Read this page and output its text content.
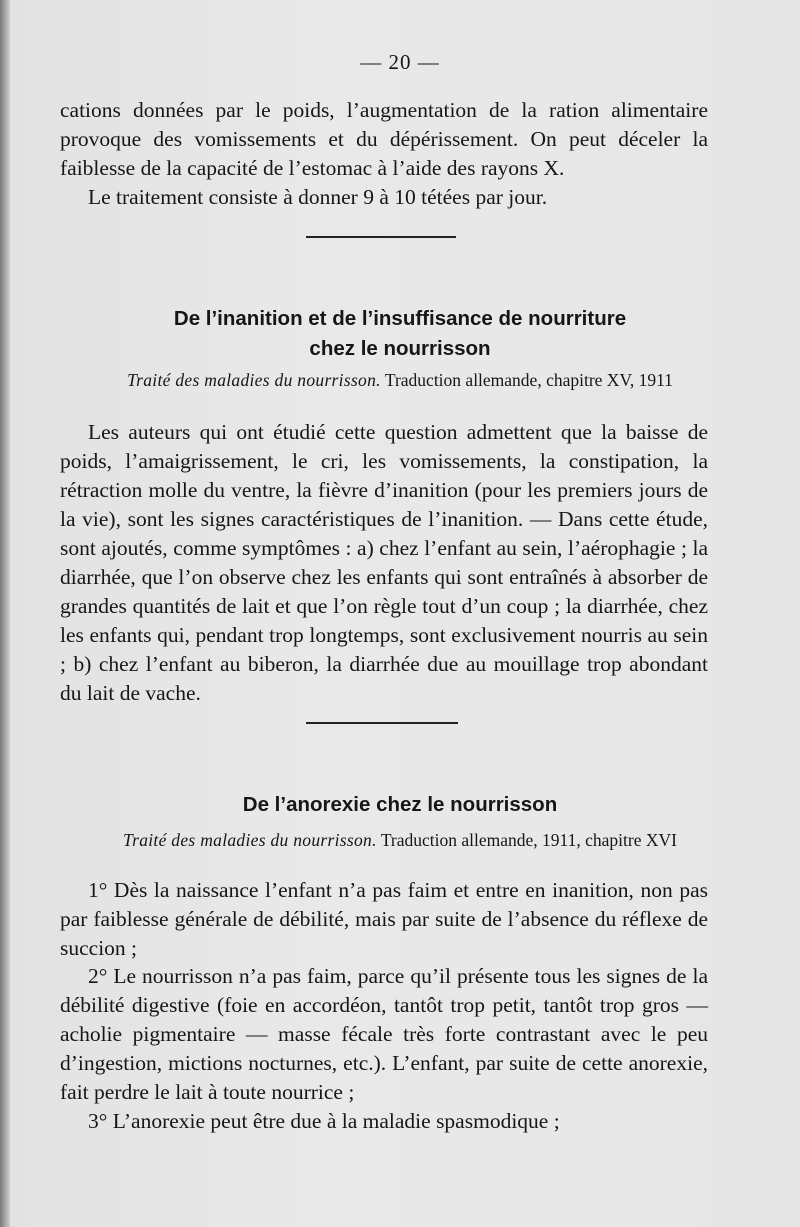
— 20 —

cations données par le poids, l’augmentation de la ration alimentaire provoque des vomissements et du dépérissement. On peut déceler la faiblesse de la capacité de l’estomac à l’aide des rayons X.

Le traitement consiste à donner 9 à 10 tétées par jour.

De l’inanition et de l’insuffisance de nourriture
chez le nourrisson

Traité des maladies du nourrisson. Traduction allemande, chapitre XV, 1911

Les auteurs qui ont étudié cette question admettent que la baisse de poids, l’amaigrissement, le cri, les vomissements, la constipation, la rétraction molle du ventre, la fièvre d’inanition (pour les premiers jours de la vie), sont les signes caractéristiques de l’inanition. — Dans cette étude, sont ajoutés, comme symptômes : a) chez l’enfant au sein, l’aérophagie ; la diarrhée, que l’on observe chez les enfants qui sont entraînés à absorber de grandes quantités de lait et que l’on règle tout d’un coup ; la diarrhée, chez les enfants qui, pendant trop longtemps, sont exclusivement nourris au sein ; b) chez l’enfant au biberon, la diarrhée due au mouillage trop abondant du lait de vache.

De l’anorexie chez le nourrisson

Traité des maladies du nourrisson. Traduction allemande, 1911, chapitre XVI

1° Dès la naissance l’enfant n’a pas faim et entre en inanition, non pas par faiblesse générale de débilité, mais par suite de l’absence du réflexe de succion ;

2° Le nourrisson n’a pas faim, parce qu’il présente tous les signes de la débilité digestive (foie en accordéon, tantôt trop petit, tantôt trop gros — acholie pigmentaire — masse fécale très forte contrastant avec le peu d’ingestion, mictions nocturnes, etc.). L’enfant, par suite de cette anorexie, fait perdre le lait à toute nourrice ;

3° L’anorexie peut être due à la maladie spasmodique ;
